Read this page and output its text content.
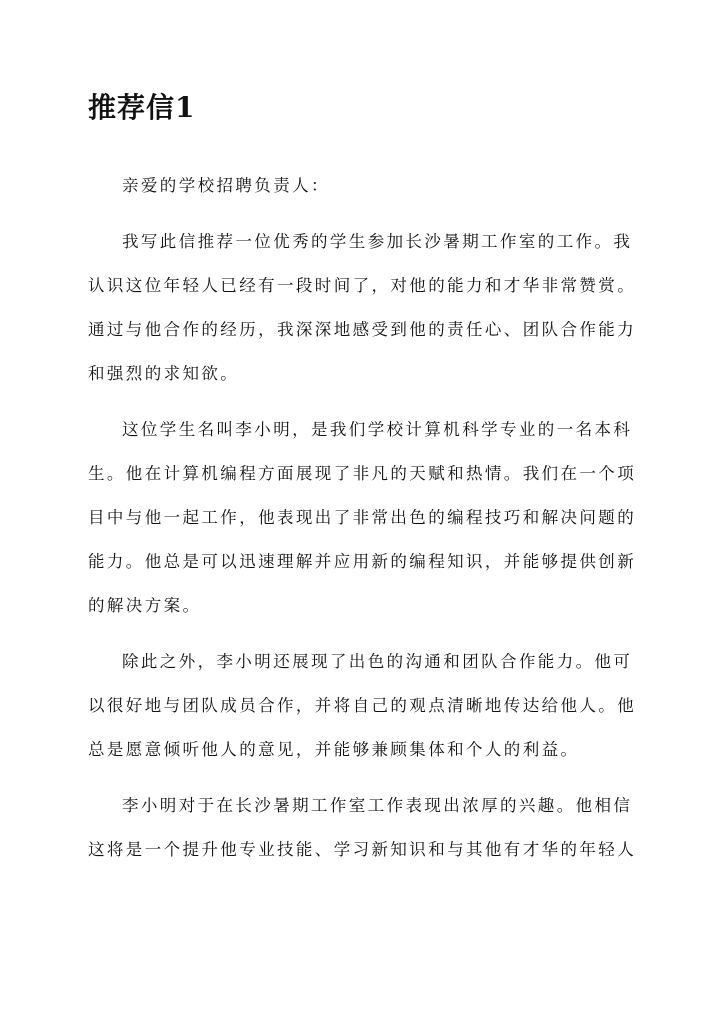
推荐信1

亲爱的学校招聘负责人：

我写此信推荐一位优秀的学生参加长沙暑期工作室的工作。我

认识这位年轻人已经有一段时间了，对他的能力和才华非常赞赏。

通过与他合作的经历，我深深地感受到他的责任心、团队合作能力

和强烈的求知欲。

这位学生名叫李小明，是我们学校计算机科学专业的一名本科

生。他在计算机编程方面展现了非凡的天赋和热情。我们在一个项

目中与他一起工作，他表现出了非常出色的编程技巧和解决问题的

能力。他总是可以迅速理解并应用新的编程知识，并能够提供创新

的解决方案。

除此之外，李小明还展现了出色的沟通和团队合作能力。他可

以很好地与团队成员合作，并将自己的观点清晰地传达给他人。他

总是愿意倾听他人的意见，并能够兼顾集体和个人的利益。

李小明对于在长沙暑期工作室工作表现出浓厚的兴趣。他相信

这将是一个提升他专业技能、学习新知识和与其他有才华的年轻人
